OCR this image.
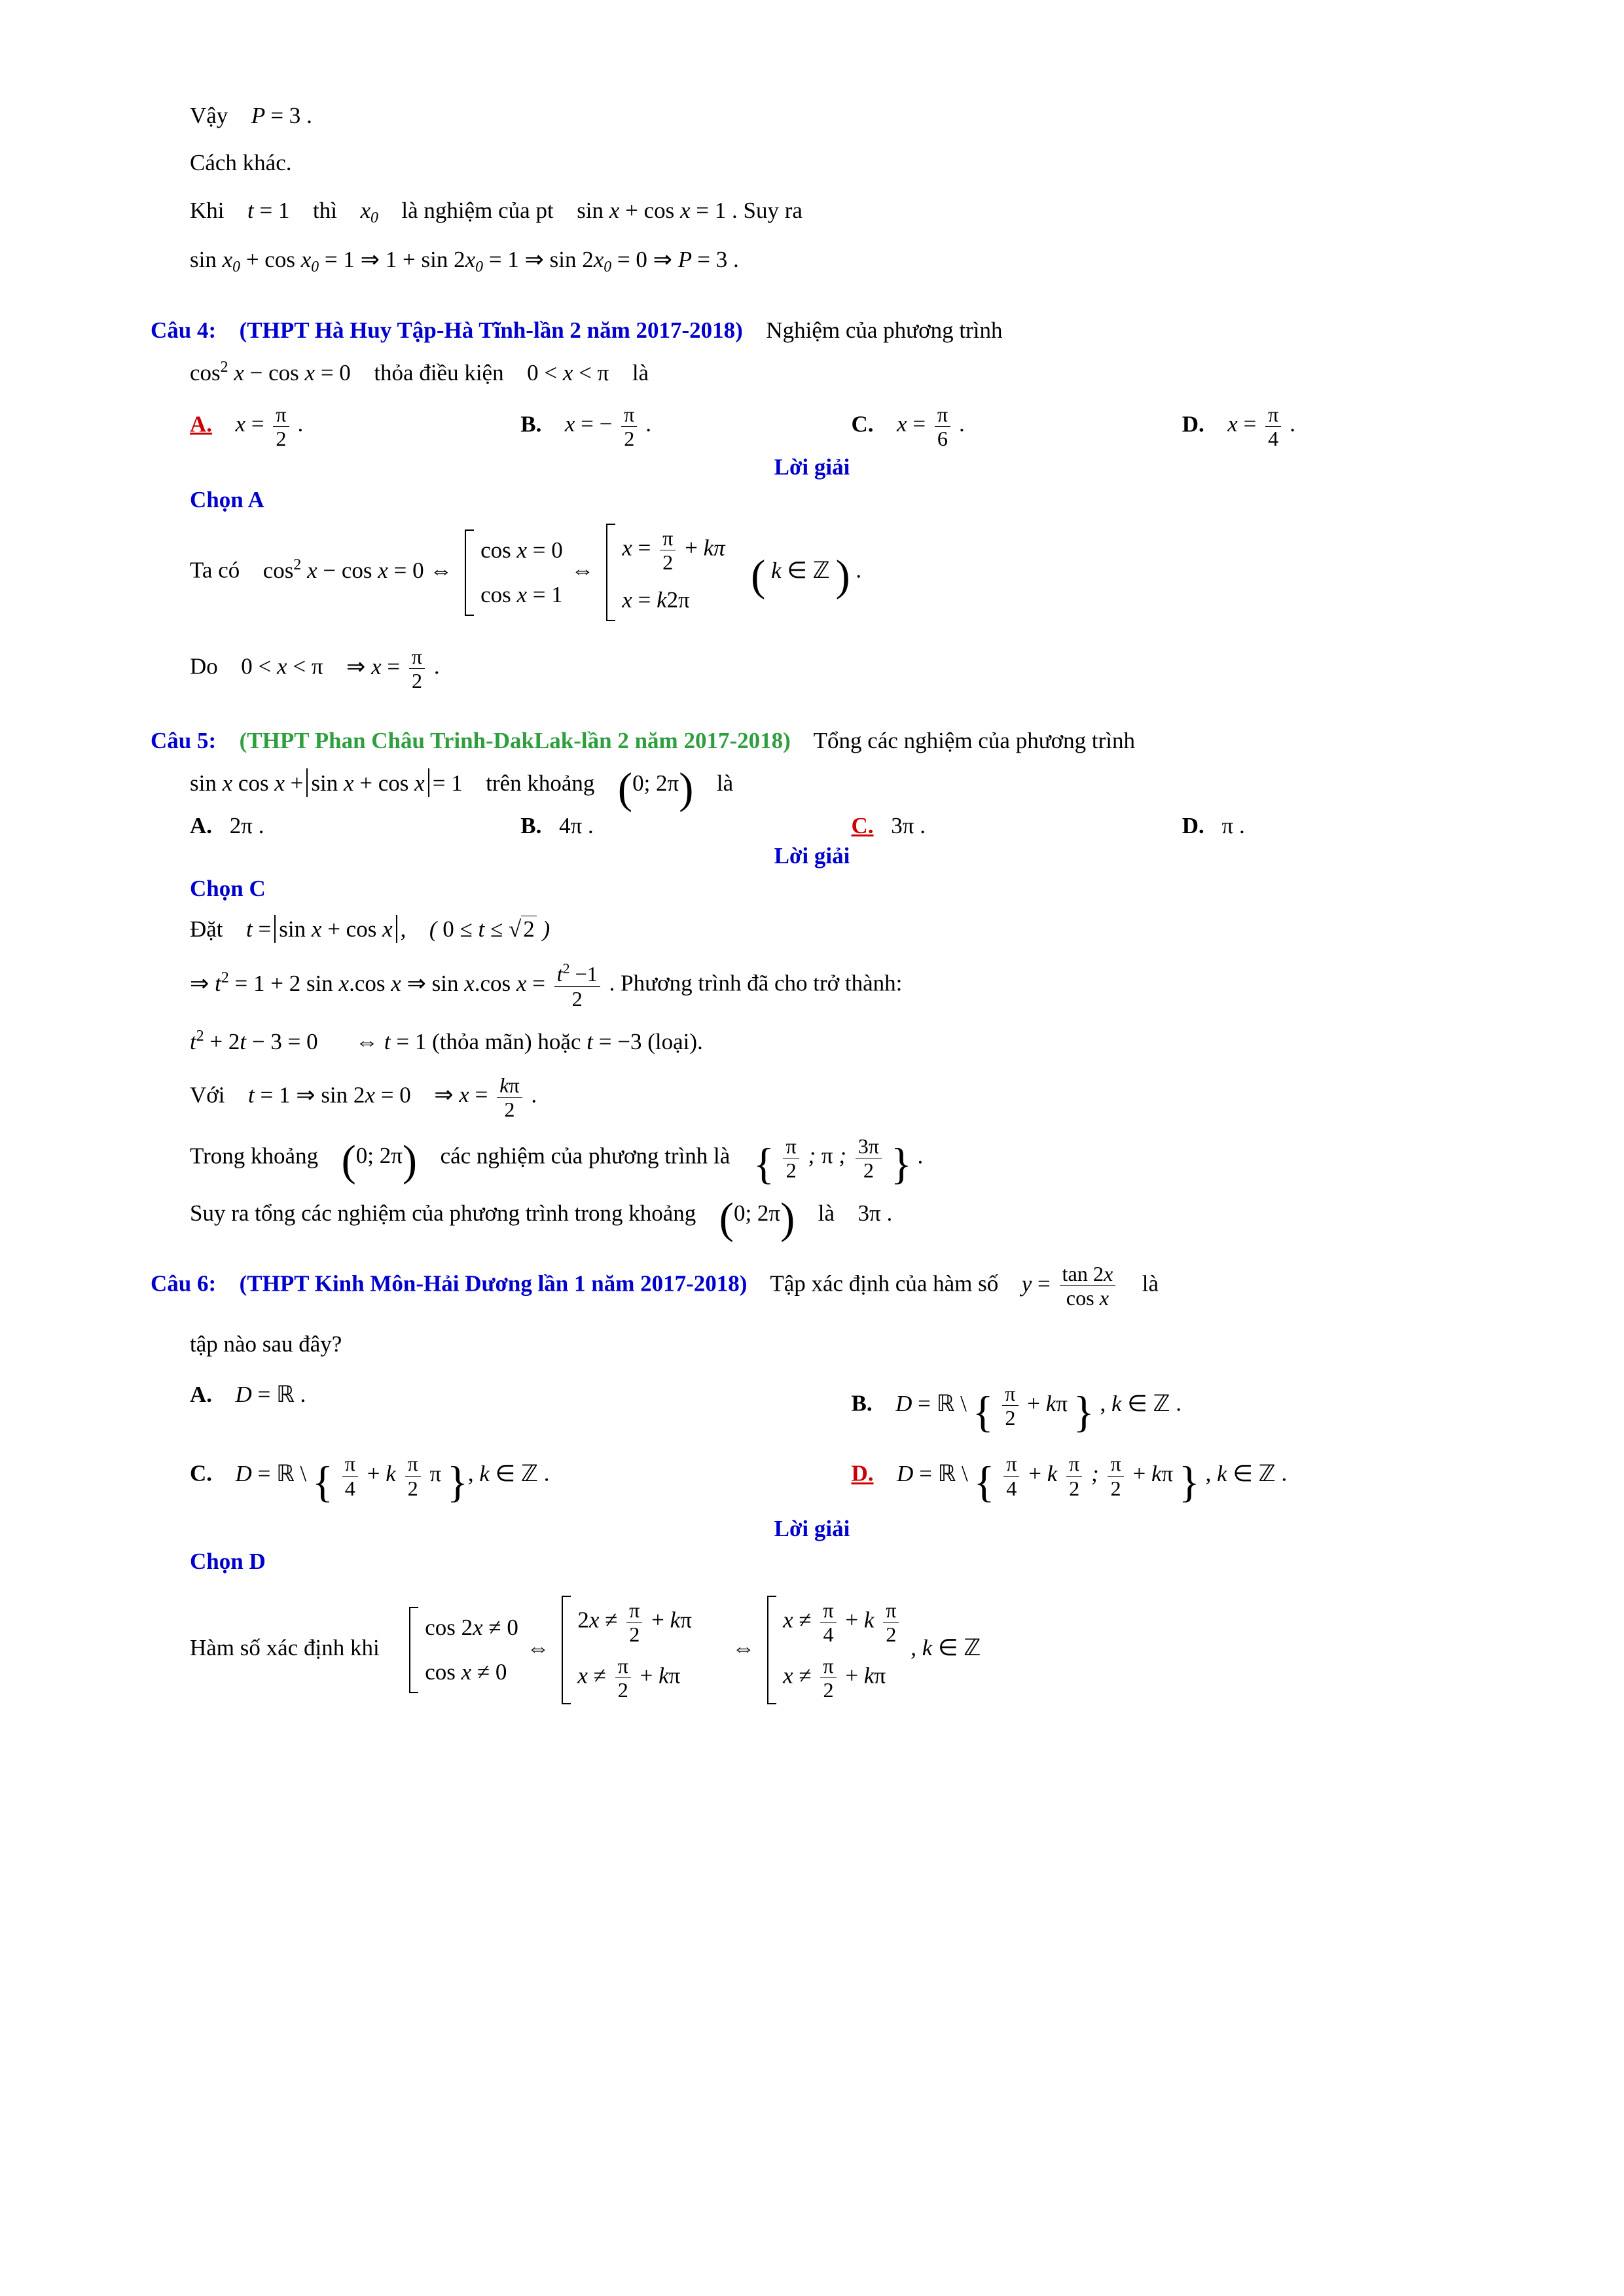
Vậy P = 3 .
Cách khác.
Khi t = 1 thì $x_0$ là nghiệm của pt sin x + cos x = 1 . Suy ra
$\sin x_0 + \cos x_0 = 1$ ⇒ $1 + \sin 2x_0 = 1$ ⇒ $\sin 2x_0 = 0$ ⇒ P = 3 .
Câu 4: (THPT Hà Huy Tập-Hà Tĩnh-lần 2 năm 2017-2018) Nghiệm của phương trình
$\cos^2 x - \cos x = 0$ thỏa điều kiện 0 < x < π là
A. $x = \frac{\pi}{2}$ .	B. x = − $\frac{\pi}{2}$ .	C. $x = \frac{\pi}{6}$ .	D. $x = \frac{\pi}{4}$ .
Lời giải
Chọn A
Ta có $\cos^2 x - \cos x = 0$ ⇔
cos x = 0
cos x = 1
⇔
$x = \frac{\pi}{2} + k\pi$
x = k2π
( k ∈ ℤ ) .
Do 0 < x < π ⇒ $x = \frac{\pi}{2}$ .
Câu 5: (THPT Phan Châu Trinh-DakLak-lần 2 năm 2017-2018) Tổng các nghiệm của phương trình
sin x cos x + sin x + cos x = 1 trên khoảng (0; 2π) là
A. 2π .	B. 4π .	C. 3π .	D. π .
Lời giải
Chọn C
Đặt t = sin x + cos x ,  ( 0 ≤ t ≤ √2 )
⇒ $t^2 = 1 + 2$ sin x.cos x ⇒ sin x.cos $x = \frac{t^2 -1}{2}$ . Phương trình đã cho trở thành:
$t^2 + 2t - 3 = 0$ ⇔ t = 1 (thỏa mãn) hoặc t = −3 (loại).
Với t = 1 ⇒ sin 2x = 0 ⇒ $x = \frac{k\pi}{2}$ .
Trong khoảng (0; 2π) các nghiệm của phương trình là { $\frac{\pi}{2}$ ; π ; $\frac{3\pi}{2}$ } .
Suy ra tổng các nghiệm của phương trình trong khoảng (0; 2π) là 3π .
Câu 6: (THPT Kinh Môn-Hải Dương lần 1 năm 2017-2018) Tập xác định của hàm số $y = \frac{\tan 2x}{\text{cos x}}$ là
tập nào sau đây?
A. D = ℝ .	B. D = ℝ \ { $\frac{\pi}{2} + k\pi$ } , k ∈ ℤ .
C. D = ℝ \ { $\frac{\pi}{4} + k \frac{\pi}{2}$ π }, k ∈ ℤ .	D. D = ℝ \ { $\frac{\pi}{4} + k \frac{\pi}{2}$ ; $\frac{\pi}{2} + k\pi$ } , k ∈ ℤ .
Lời giải
Chọn D
Hàm số xác định khi
cos 2x ≠ 0
cos x ≠ 0
⇔
$2x \ne \frac{\pi}{2} + k\pi$
$x \ne \frac{\pi}{2} + k\pi$
⇔
$x \ne \frac{\pi}{4} + k \frac{\pi}{2}$
$x \ne \frac{\pi}{2} + k\pi$
, k ∈ ℤ
